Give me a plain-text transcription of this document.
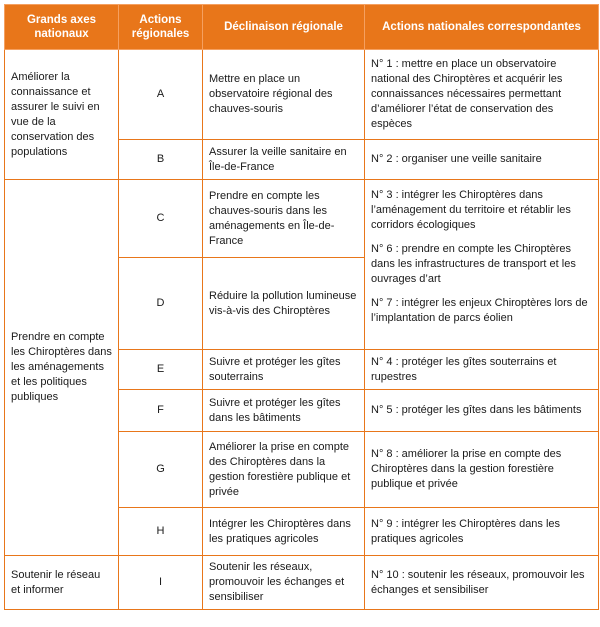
Grands axes nationaux	Actions régionales	Déclinaison régionale	Actions nationales correspondantes
Améliorer la connaissance et assurer le suivi en vue de la conservation des populations	A	Mettre en place un observatoire régional des chauves-souris	N° 1 : mettre en place un observatoire national des Chiroptères et acquérir les connaissances nécessaires permettant d’améliorer l’état de conservation des espèces

	B	Assurer la veille sanitaire en Île-de-France	N° 2 : organiser une veille sanitaire

Prendre en compte les Chiroptères dans les aménagements et les politiques publiques	C	Prendre en compte les chauves-souris dans les aménagements en Île-de-France	N° 3 : intégrer les Chiroptères dans l’aménagement du territoire et rétablir les corridors écologiques

N° 6 : prendre en compte les Chiroptères dans les infrastructures de transport et les ouvrages d’art

N° 7 : intégrer les enjeux Chiroptères lors de l’implantation de parcs éolien

	D	Réduire la pollution lumineuse vis-à-vis des Chiroptères	
	E	Suivre et protéger les gîtes souterrains	N° 4 : protéger les gîtes souterrains et rupestres

	F	Suivre et protéger les gîtes dans les bâtiments	N° 5 : protéger les gîtes dans les bâtiments

	G	Améliorer la prise en compte des Chiroptères dans la gestion forestière publique et privée	N° 8 : améliorer la prise en compte des Chiroptères dans la gestion forestière publique et privée

	H	Intégrer les Chiroptères dans les pratiques agricoles	N° 9 : intégrer les Chiroptères dans les pratiques agricoles

Soutenir le réseau et informer	I	Soutenir les réseaux, promouvoir les échanges et sensibiliser	N° 10 : soutenir les réseaux, promouvoir les échanges et sensibiliser
